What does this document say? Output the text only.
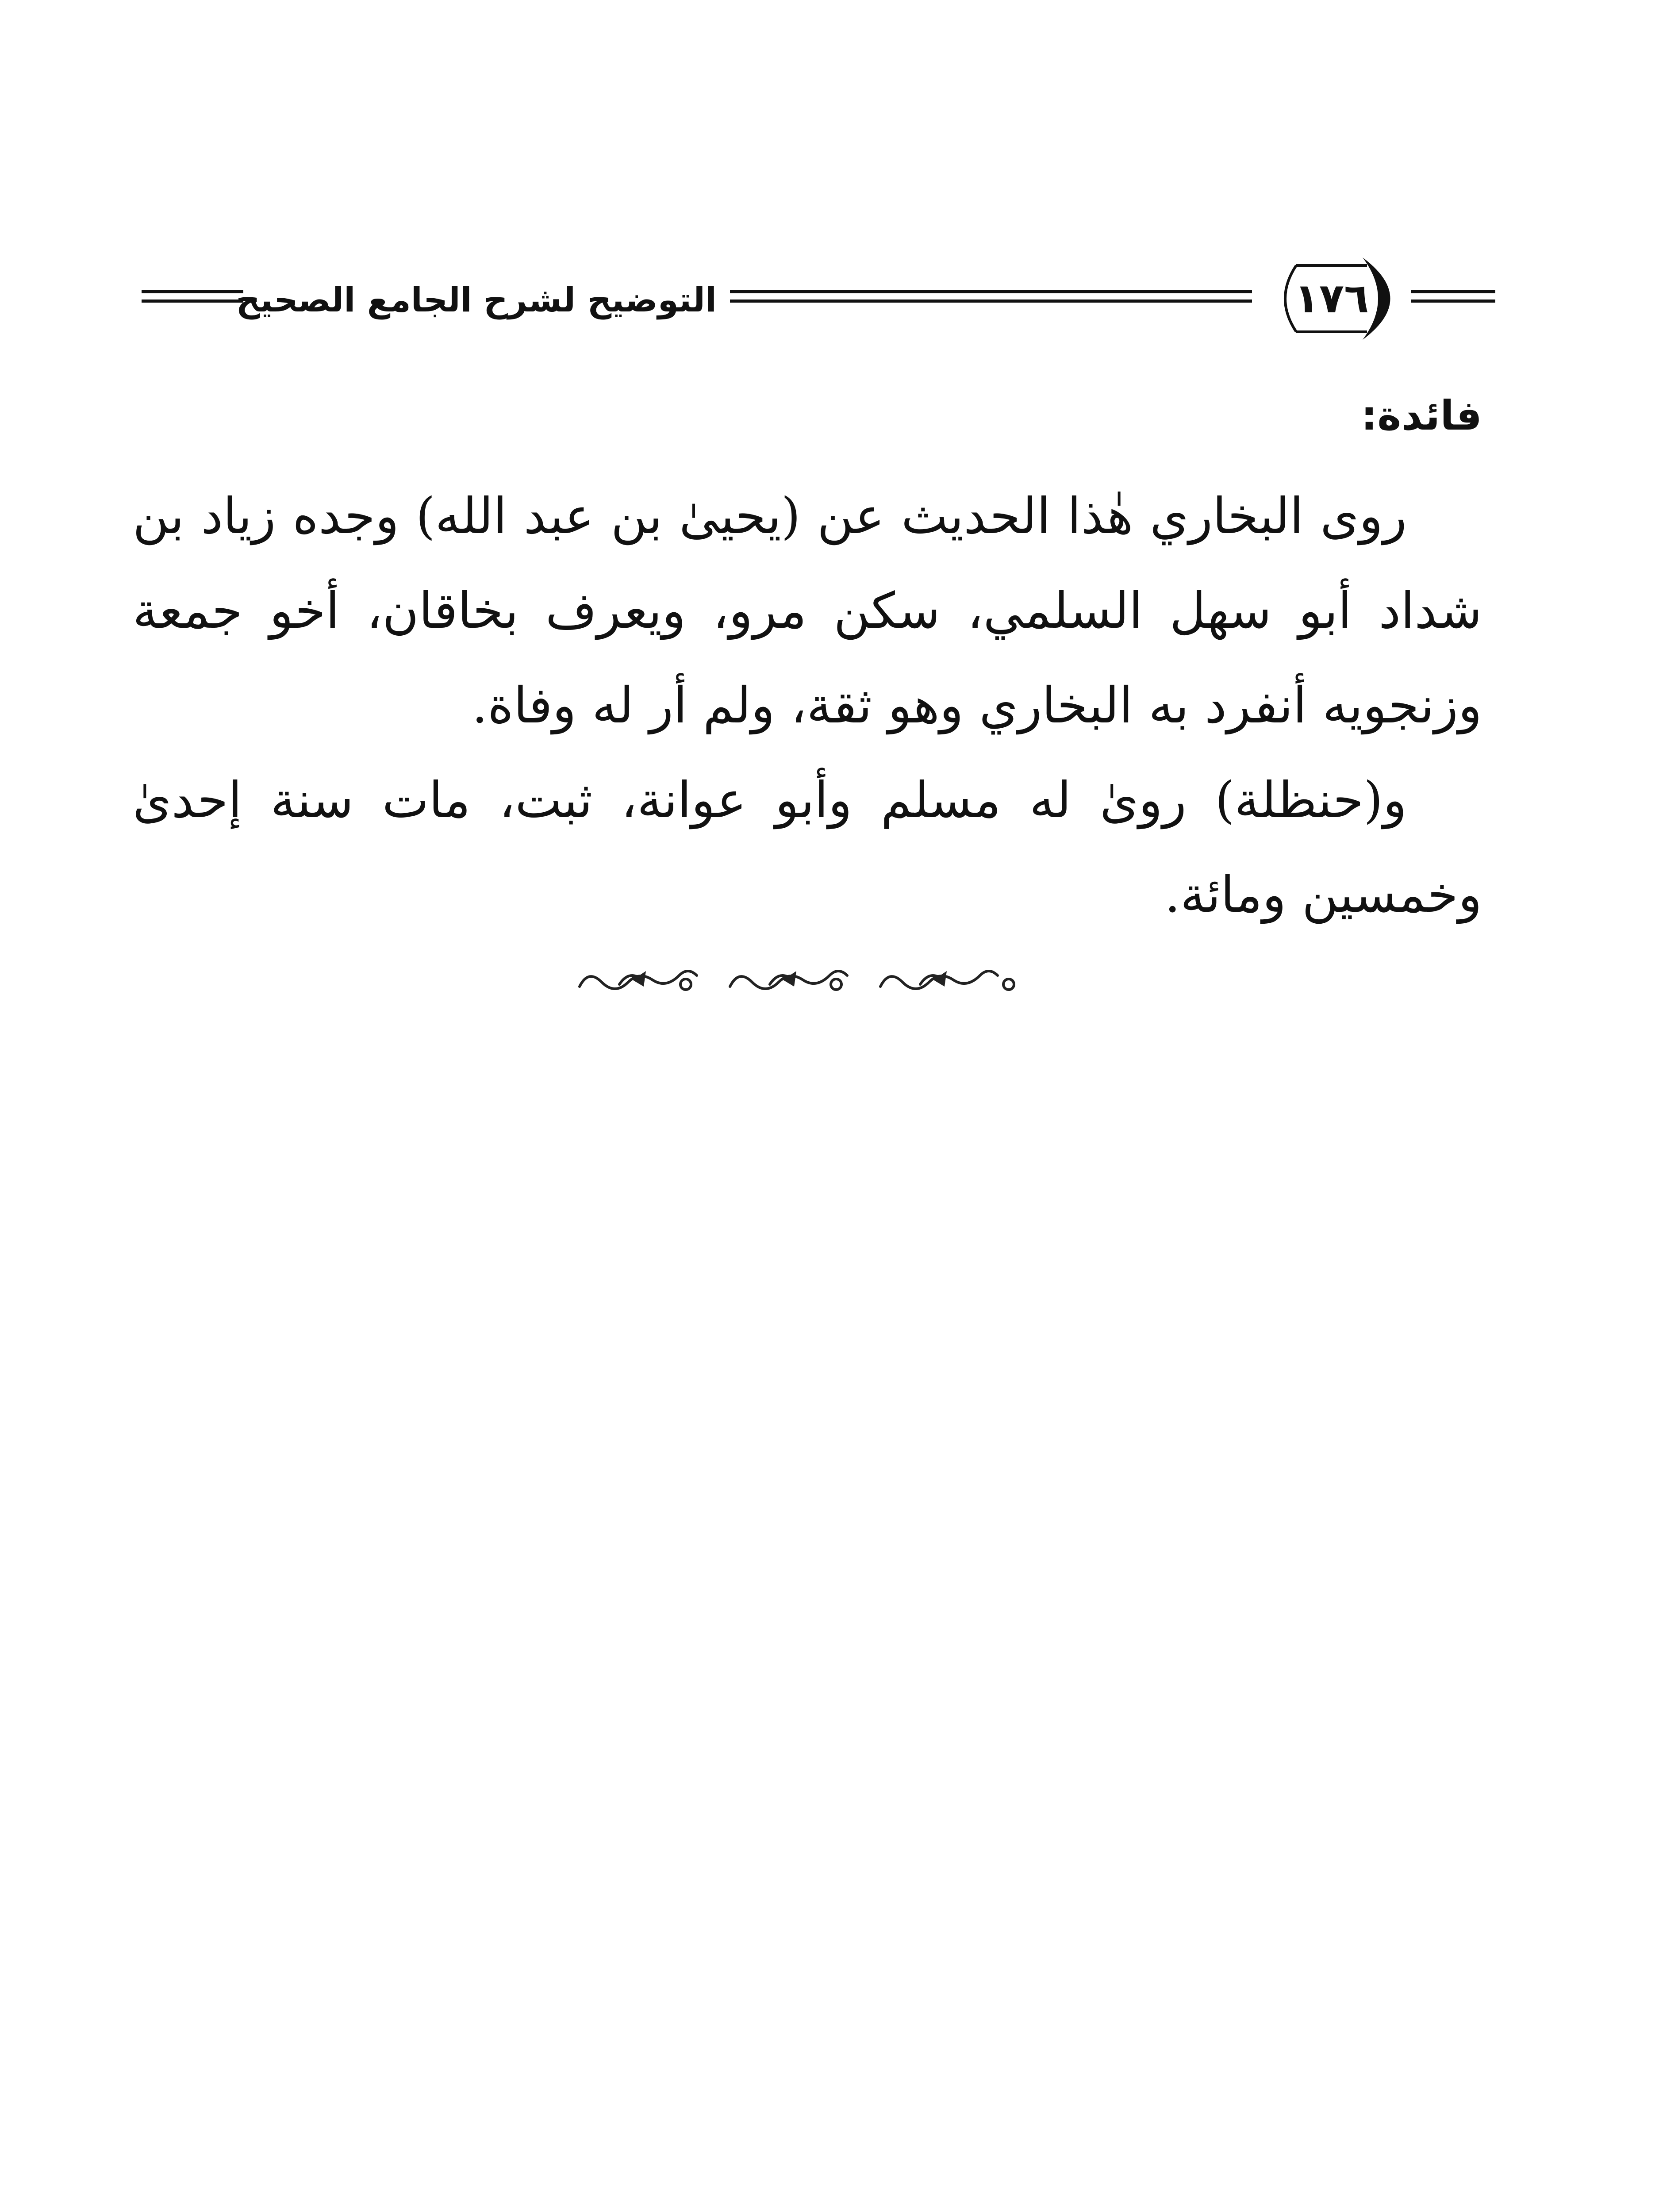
التوضيح لشرح الجامع الصحيح	١٧٦

فائدة:

روى البخاري هٰذا الحديث عن (يحيىٰ بن عبد الله) وجده زياد بن شداد أبو سهل السلمي، سكن مرو، ويعرف بخاقان، أخو جمعة وزنجويه أنفرد به البخاري وهو ثقة، ولم أر له وفاة.

و(حنظلة) روىٰ له مسلم وأبو عوانة، ثبت، مات سنة إحدىٰ وخمسين ومائة.
